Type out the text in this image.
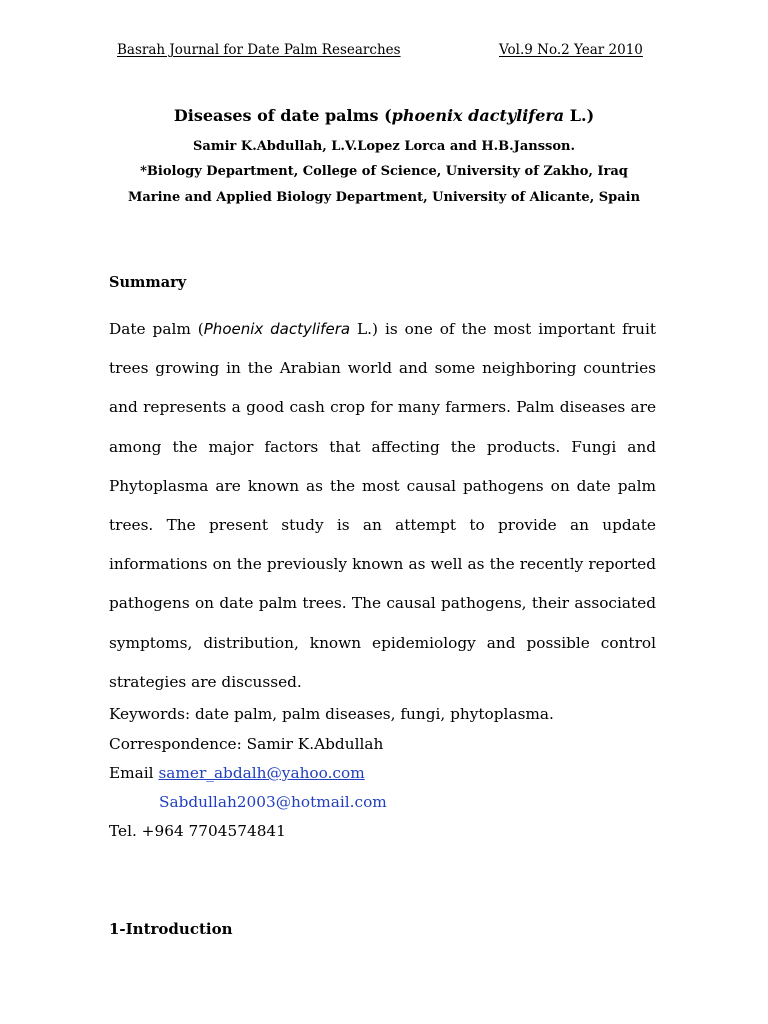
Basrah Journal for Date Palm Researches	Vol.9 No.2 Year 2010
Diseases of date palms (phoenix dactylifera L.)
Samir K.Abdullah, L.V.Lopez Lorca and H.B.Jansson.
*Biology Department, College of Science, University of Zakho, Iraq
Marine and Applied Biology Department, University of Alicante, Spain
Summary
Date palm (Phoenix dactylifera L.) is one of the most important fruit trees growing in the Arabian world and some neighboring countries and represents a good cash crop for many farmers. Palm diseases are among the major factors that affecting the products. Fungi and Phytoplasma are known as the most causal pathogens on date palm trees. The present study is an attempt to provide an update informations on the previously known as well as the recently reported pathogens on date palm trees. The causal pathogens, their associated symptoms, distribution, known epidemiology and possible control strategies are discussed.
Keywords: date palm, palm diseases, fungi, phytoplasma.
Correspondence: Samir K.Abdullah
Email samer_abdalh@yahoo.com
Sabdullah2003@hotmail.com
Tel. +964 7704574841
1-Introduction
